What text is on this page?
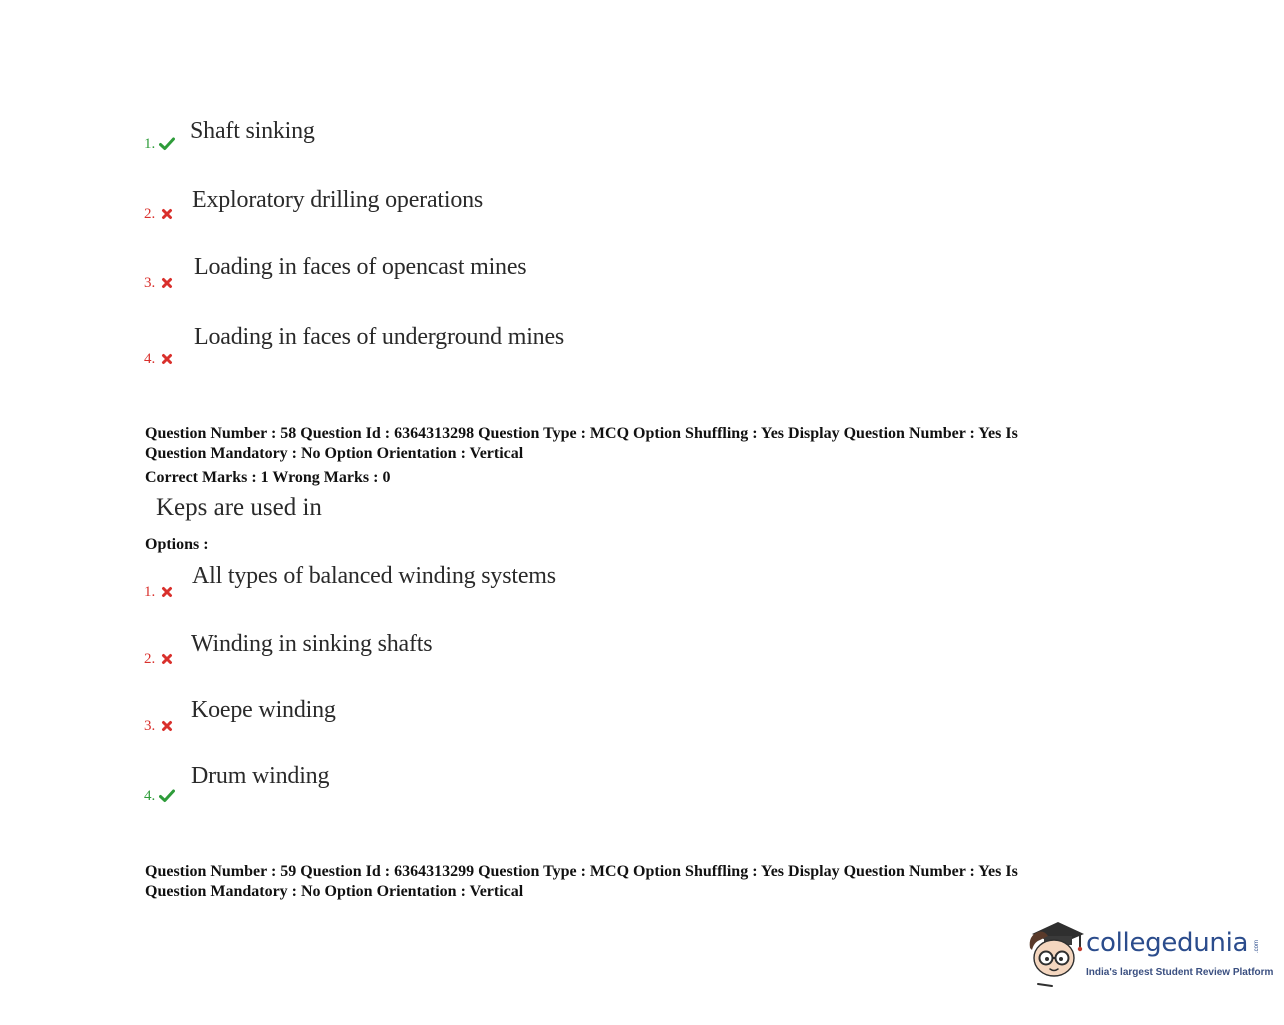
1.	Shaft sinking
2.
Exploratory drilling operations
3.
Loading in faces of opencast mines
4.
Loading in faces of underground mines
Question Number : 58 Question Id : 6364313298 Question Type : MCQ Option Shuffling : Yes Display Question Number : Yes Is
Question Mandatory : No Option Orientation : Vertical
Correct Marks : 1 Wrong Marks : 0
Keps are used in
Options :
1.
All types of balanced winding systems
2.
Winding in sinking shafts
3.
Koepe winding
4.
Drum winding
Question Number : 59 Question Id : 6364313299 Question Type : MCQ Option Shuffling : Yes Display Question Number : Yes Is
Question Mandatory : No Option Orientation : Vertical
collegedunia .com
India's largest Student Review Platform
